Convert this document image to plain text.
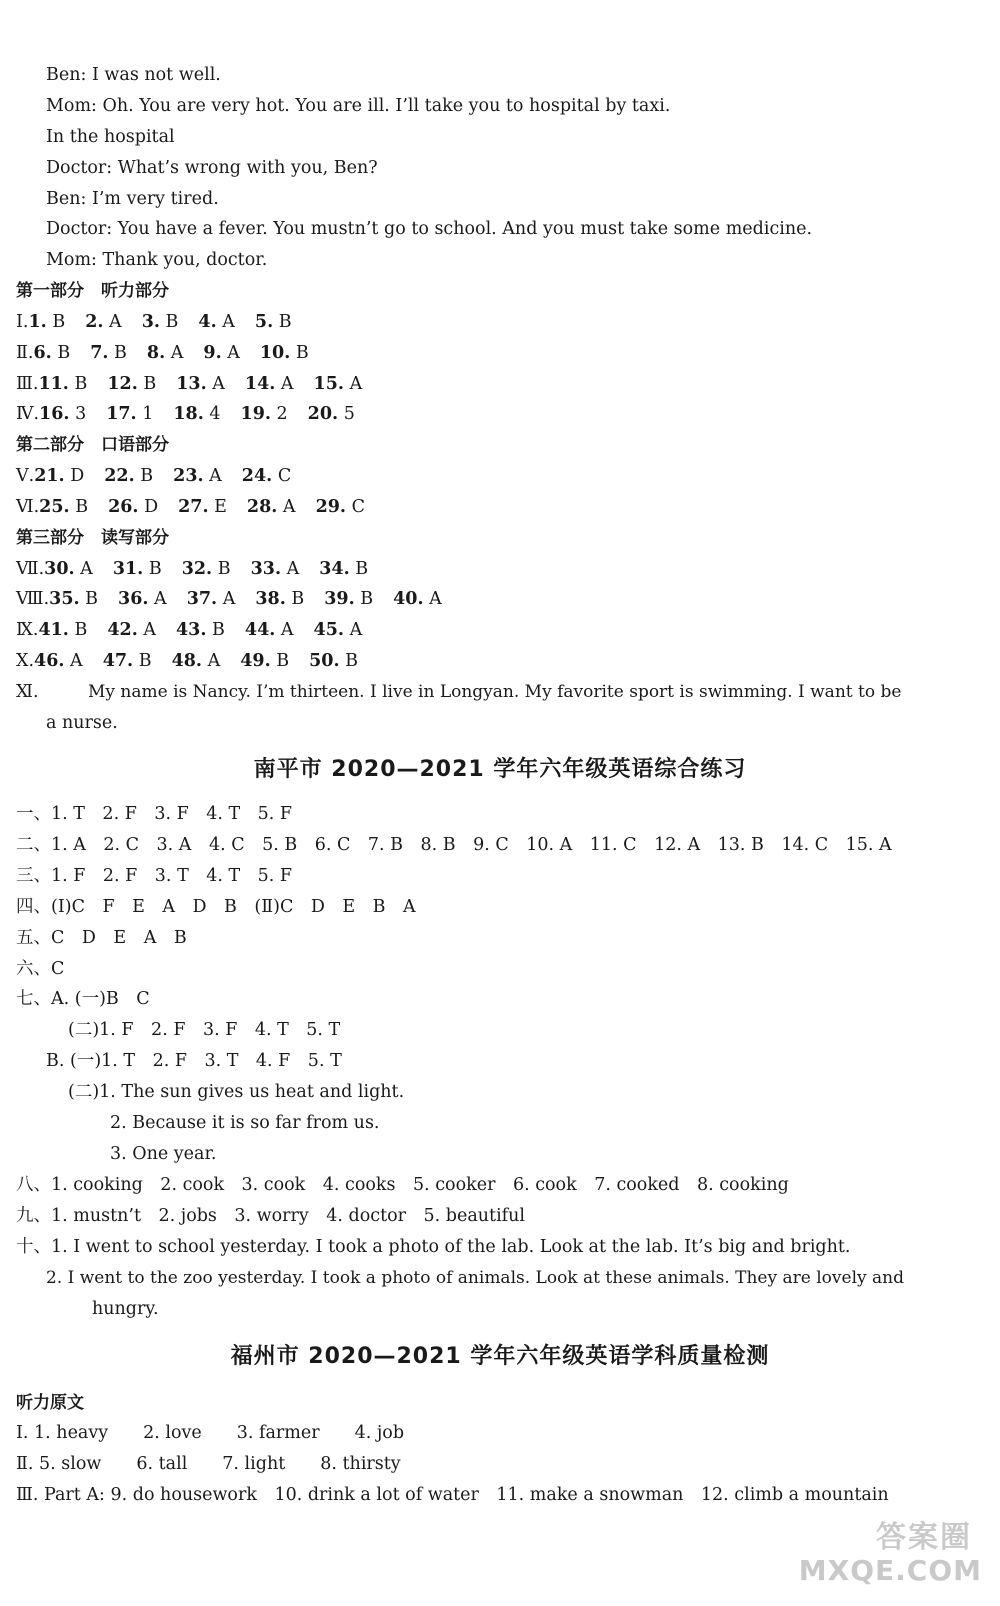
Ben: I was not well.
Mom: Oh. You are very hot. You are ill. I’ll take you to hospital by taxi.
In the hospital
Doctor: What’s wrong with you, Ben?
Ben: I’m very tired.
Doctor: You have a fever. You mustn’t go to school. And you must take some medicine.
Mom: Thank you, doctor.
第一部分　听力部分
Ⅰ.1. B 2. A 3. B 4. A 5. B
Ⅱ.6. B 7. B 8. A 9. A 10. B
Ⅲ.11. B 12. B 13. A 14. A 15. A
Ⅳ.16. 3 17. 1 18. 4 19. 2 20. 5
第二部分　口语部分
Ⅴ.21. D 22. B 23. A 24. C
Ⅵ.25. B 26. D 27. E 28. A 29. C
第三部分　读写部分
Ⅶ.30. A 31. B 32. B 33. A 34. B
Ⅷ.35. B 36. A 37. A 38. B 39. B 40. A
Ⅸ.41. B 42. A 43. B 44. A 45. A
Ⅹ.46. A 47. B 48. A 49. B 50. B
Ⅺ.	My name is Nancy. I’m thirteen. I live in Longyan. My favorite sport is swimming. I want to be
a nurse.
南平市 2020—2021 学年六年级英语综合练习
一、1. T　2. F　3. F　4. T　5. F
二、1. A　2. C　3. A　4. C　5. B　6. C　7. B　8. B　9. C　10. A　11. C　12. A　13. B　14. C　15. A
三、1. F　2. F　3. T　4. T　5. F
四、(Ⅰ)C　F　E　A　D　B　(Ⅱ)C　D　E　B　A
五、C　D　E　A　B
六、C
七、A. (一)B　C
(二)1. F　2. F　3. F　4. T　5. T
B. (一)1. T　2. F　3. T　4. F　5. T
(二)1. The sun gives us heat and light.
2. Because it is so far from us.
3. One year.
八、1. cooking　2. cook　3. cook　4. cooks　5. cooker　6. cook　7. cooked　8. cooking
九、1. mustn’t　2. jobs　3. worry　4. doctor　5. beautiful
十、1. I went to school yesterday. I took a photo of the lab. Look at the lab. It’s big and bright.
2. I went to the zoo yesterday. I took a photo of animals. Look at these animals. They are lovely and
hungry.
福州市 2020—2021 学年六年级英语学科质量检测
听力原文
Ⅰ. 1. heavy　　2. love　　3. farmer　　4. job
Ⅱ. 5. slow　　6. tall　　7. light　　8. thirsty
Ⅲ. Part A: 9. do housework　10. drink a lot of water　11. make a snowman　12. climb a mountain
答案圈
MXQE.COM
